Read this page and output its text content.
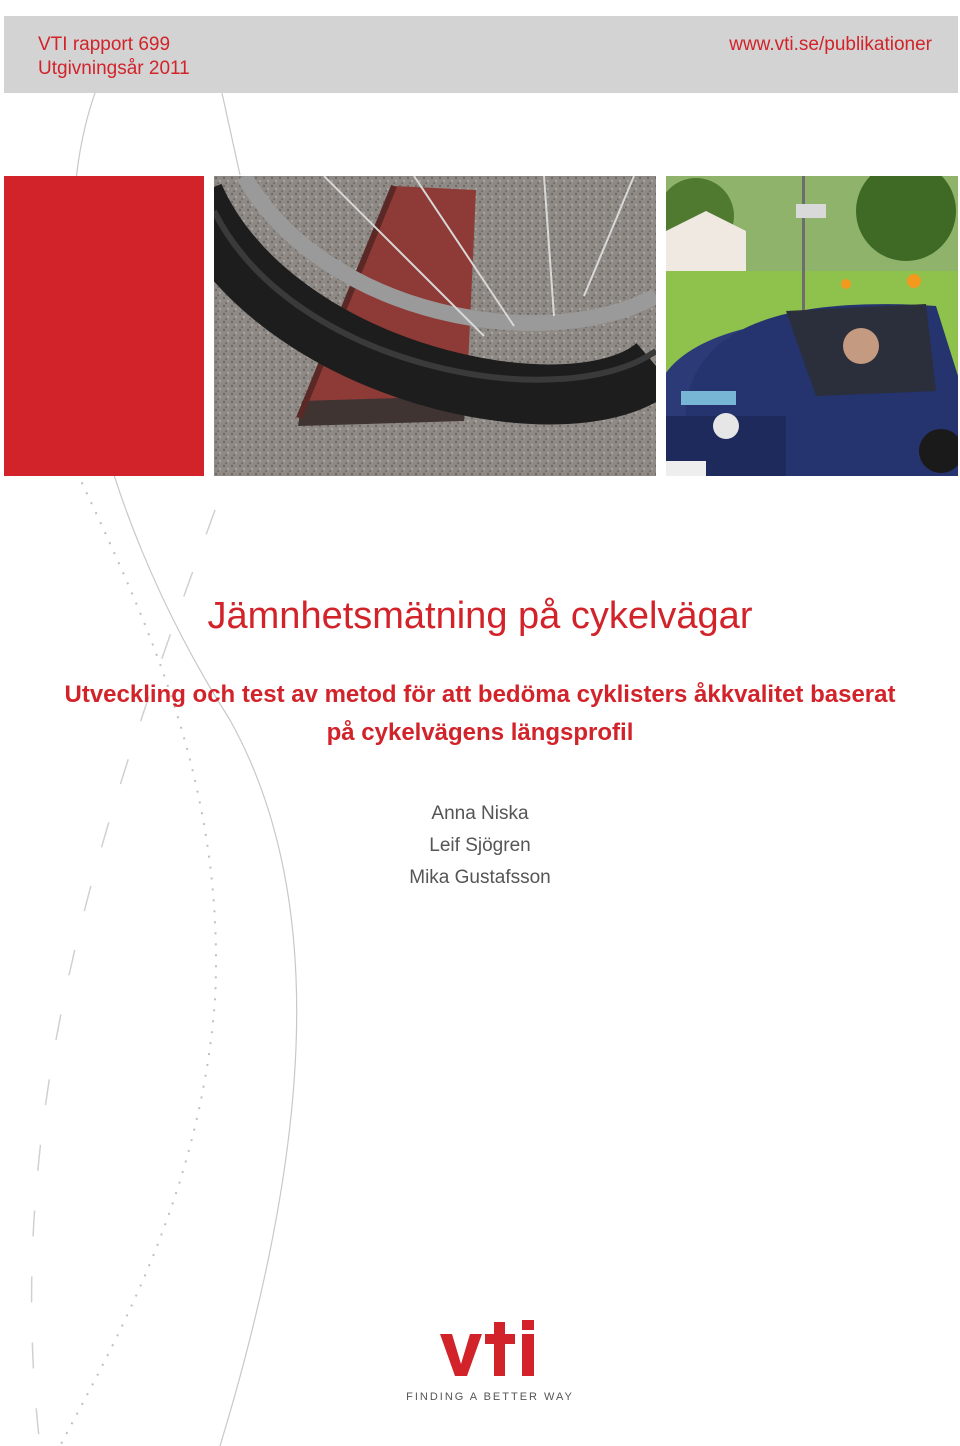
VTI rapport 699
Utgivningsår 2011
www.vti.se/publikationer
Jämnhetsmätning på cykelvägar
Utveckling och test av metod för att bedöma cyklisters åkkvalitet baserat
på cykelvägens längsprofil
Anna Niska
Leif Sjögren
Mika Gustafsson
FINDING A BETTER WAY
